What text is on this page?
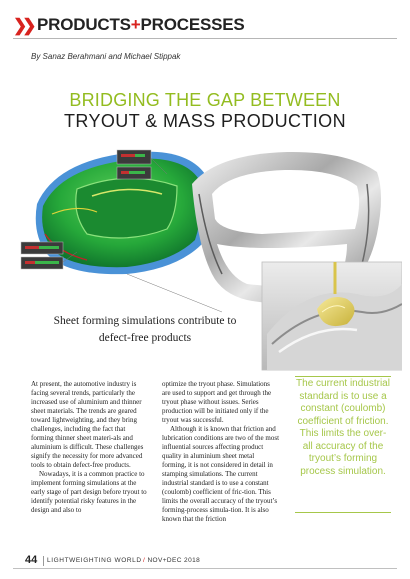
❯❯ PRODUCTS+PROCESSES
By Sanaz Berahmani and Michael Stippak
BRIDGING THE GAP BETWEEN
TRYOUT & MASS PRODUCTION
Sheet forming simulations contribute to defect-free products

At present, the automotive industry is facing several trends, particularly the increased use of aluminium and thinner sheet materials. The trends are geared toward lightweighting, and they bring challenges, including the fact that forming thinner sheet materi-als and aluminium is difficult. These challenges signify the necessity for more advanced tools to obtain defect-free products.

Nowadays, it is a common practice to implement forming simulations at the early stage of part design before tryout to identify potential risky features in the design and also to

optimize the tryout phase. Simulations are used to support and get through the tryout phase without issues. Series production will be initiated only if the tryout was successful.

Although it is known that friction and lubrication conditions are two of the most influential sources affecting product quality in aluminium sheet metal forming, it is not considered in detail in stamping simulations. The current industrial standard is to use a constant (coulomb) coefficient of fric-tion. This limits the overall accuracy of the tryout’s forming-process simula-tion. It is also known that the friction

The current industrial standard is to use a constant (coulomb) coefficient of friction. This limits the over-all accuracy of the tryout’s forming process simulation.
44 LIGHTWEIGHTING WORLD / NOV+DEC 2018
